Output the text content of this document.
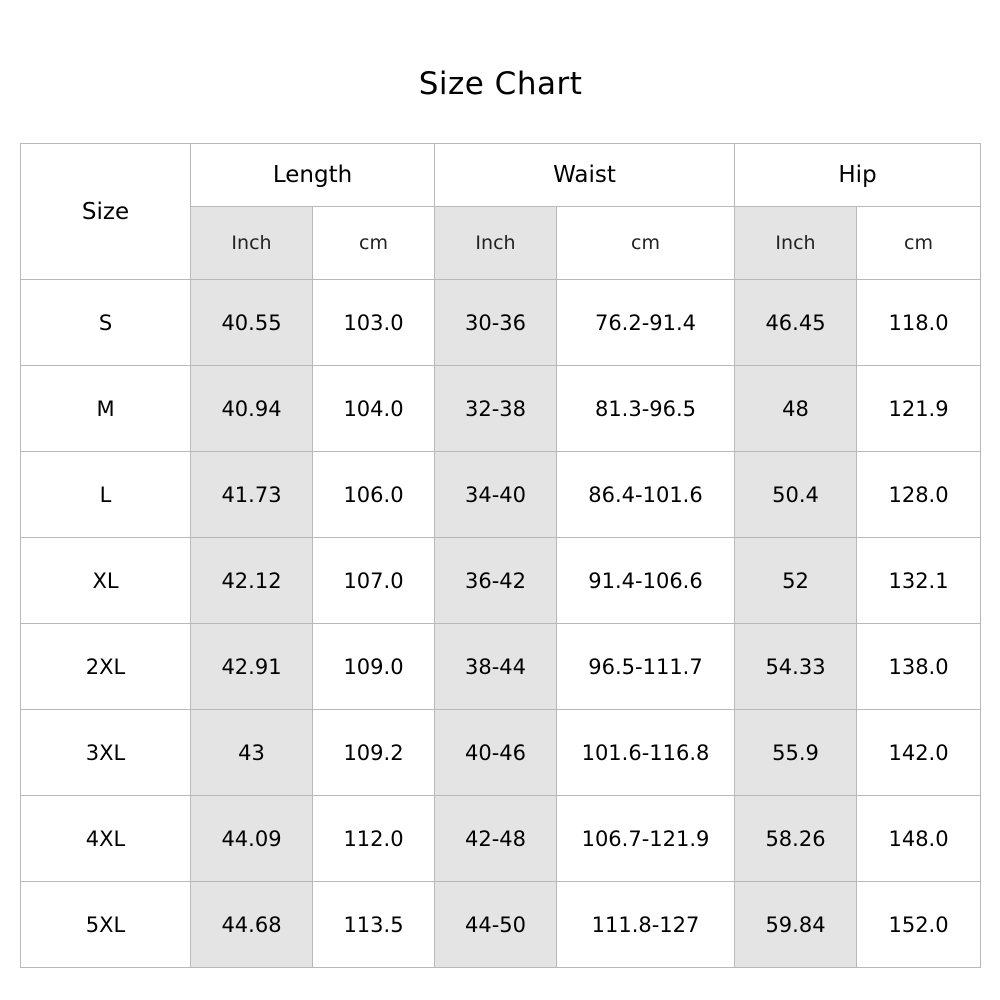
Size Chart						
Size	Length		Waist		Hip	
	Inch	cm	Inch	cm	Inch	cm
S	40.55	103.0	30-36	76.2-91.4	46.45	118.0
M	40.94	104.0	32-38	81.3-96.5	48	121.9
L	41.73	106.0	34-40	86.4-101.6	50.4	128.0
XL	42.12	107.0	36-42	91.4-106.6	52	132.1
2XL	42.91	109.0	38-44	96.5-111.7	54.33	138.0
3XL	43	109.2	40-46	101.6-116.8	55.9	142.0
4XL	44.09	112.0	42-48	106.7-121.9	58.26	148.0
5XL	44.68	113.5	44-50	111.8-127	59.84	152.0
